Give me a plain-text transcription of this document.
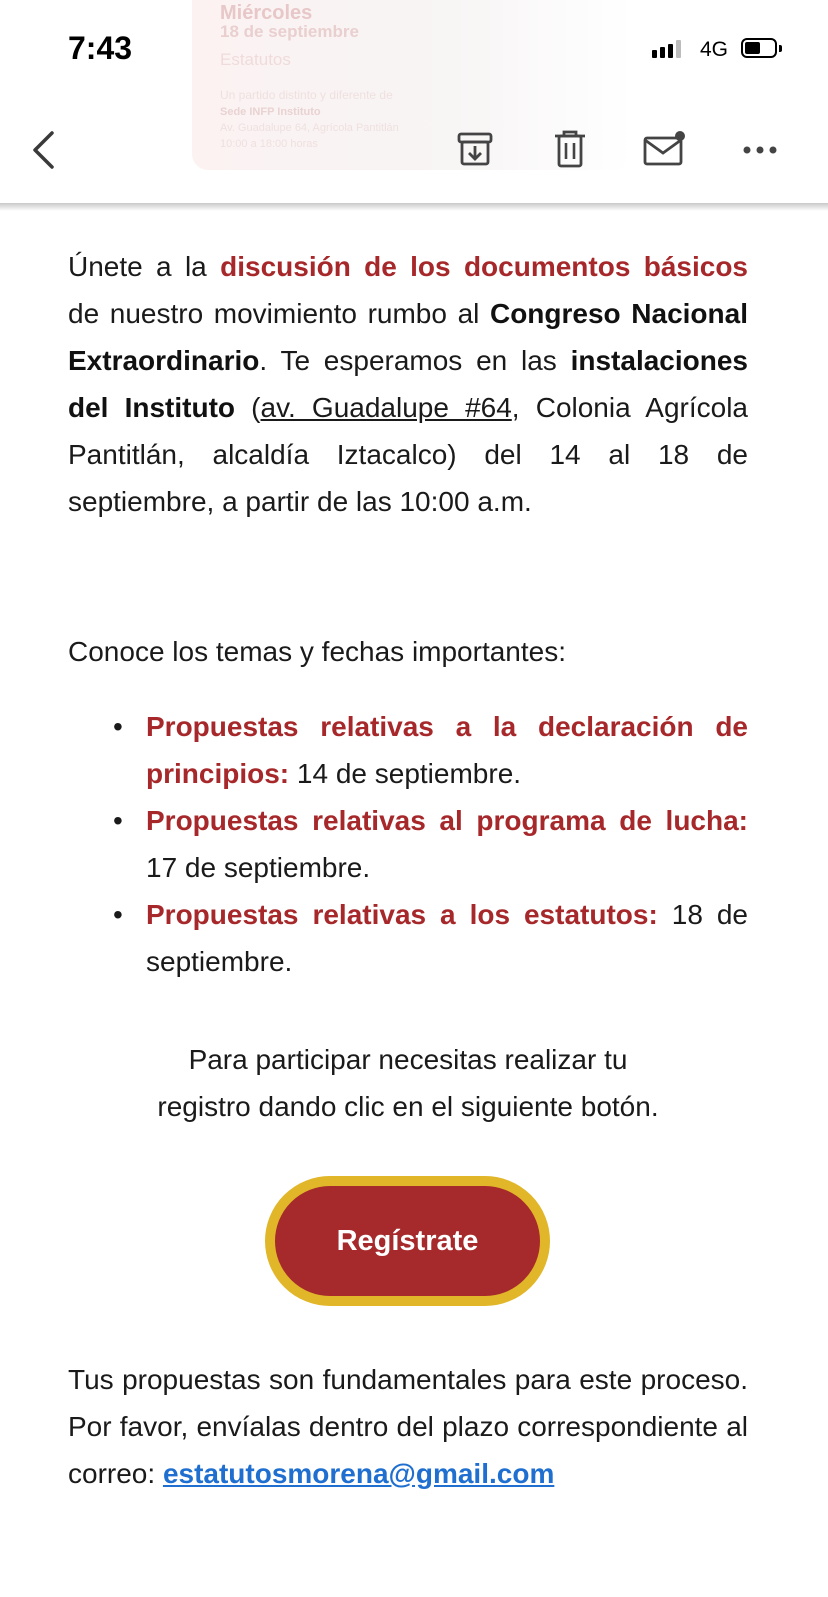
7:43	4G
Miércoles
18 de septiembre
Estatutos
Un partido distinto y diferente de
Sede INFP Instituto
Av. Guadalupe 64, Agrícola Pantitlán
10:00 a 18:00 horas

Únete a la discusión de los documentos básicos de nuestro movimiento rumbo al Congreso Nacional Extraordinario. Te esperamos en las instalaciones del Instituto (av. Guadalupe #64, Colonia Agrícola Pantitlán, alcaldía Iztacalco) del 14 al 18 de septiembre, a partir de las 10:00 a.m.

Conoce los temas y fechas importantes:

• Propuestas relativas a la declaración de principios: 14 de septiembre.
• Propuestas relativas al programa de lucha: 17 de septiembre.
• Propuestas relativas a los estatutos: 18 de septiembre.

Para participar necesitas realizar tu
registro dando clic en el siguiente botón.

Regístrate

Tus propuestas son fundamentales para este proceso. Por favor, envíalas dentro del plazo correspondiente al correo: estatutosmorena@gmail.com
